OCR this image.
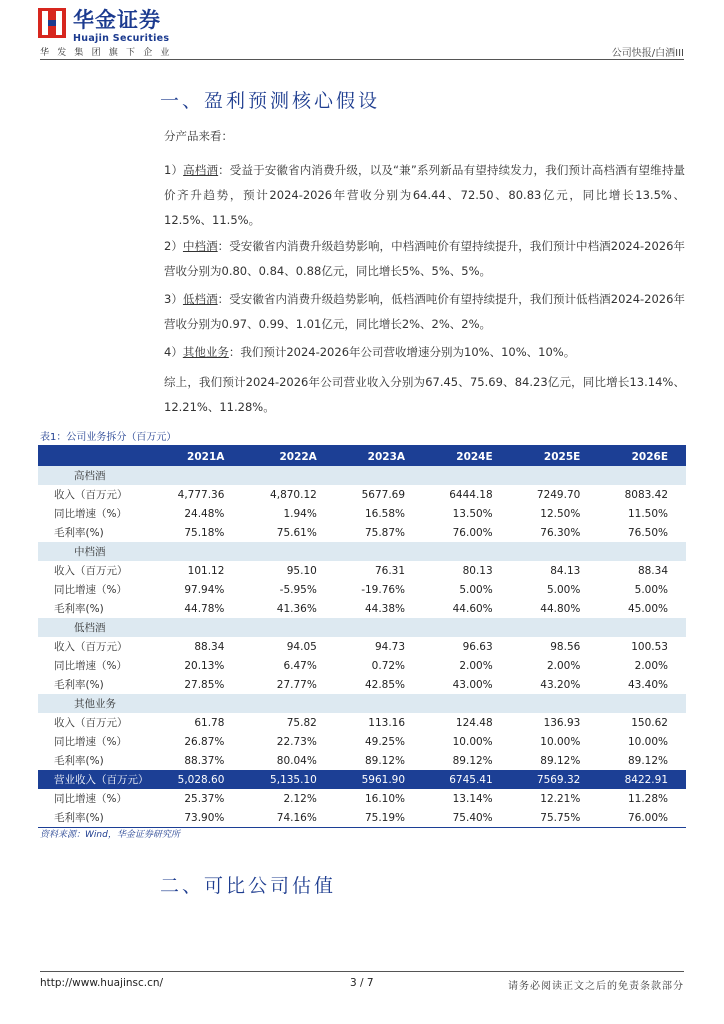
华金证券
Huajin Securities
华发集团旗下企业	公司快报/白酒III
一、盈利预测核心假设
分产品来看：
1）高档酒：受益于安徽省内消费升级，以及“兼”系列新品有望持续发力，我们预计高档酒有望维持量价齐升趋势，预计2024-2026年营收分别为64.44、72.50、80.83亿元，同比增长13.5%、12.5%、11.5%。
2）中档酒：受安徽省内消费升级趋势影响，中档酒吨价有望持续提升，我们预计中档酒2024-2026年营收分别为0.80、0.84、0.88亿元，同比增长5%、5%、5%。
3）低档酒：受安徽省内消费升级趋势影响，低档酒吨价有望持续提升，我们预计低档酒2024-2026年营收分别为0.97、0.99、1.01亿元，同比增长2%、2%、2%。
4）其他业务：我们预计2024-2026年公司营收增速分别为10%、10%、10%。
综上，我们预计2024-2026年公司营业收入分别为67.45、75.69、84.23亿元，同比增长13.14%、12.21%、11.28%。
表1：公司业务拆分（百万元）
	2021A	2022A	2023A	2024E	2025E	2026E
高档酒						
收入（百万元）	4,777.36	4,870.12	5677.69	6444.18	7249.70	8083.42
同比增速（%）	24.48%	1.94%	16.58%	13.50%	12.50%	11.50%
毛利率(%)	75.18%	75.61%	75.87%	76.00%	76.30%	76.50%
中档酒						
收入（百万元）	101.12	95.10	76.31	80.13	84.13	88.34
同比增速（%）	97.94%	-5.95%	-19.76%	5.00%	5.00%	5.00%
毛利率(%)	44.78%	41.36%	44.38%	44.60%	44.80%	45.00%
低档酒						
收入（百万元）	88.34	94.05	94.73	96.63	98.56	100.53
同比增速（%）	20.13%	6.47%	0.72%	2.00%	2.00%	2.00%
毛利率(%)	27.85%	27.77%	42.85%	43.00%	43.20%	43.40%
其他业务						
收入（百万元）	61.78	75.82	113.16	124.48	136.93	150.62
同比增速（%）	26.87%	22.73%	49.25%	10.00%	10.00%	10.00%
毛利率(%)	88.37%	80.04%	89.12%	89.12%	89.12%	89.12%
营业收入（百万元）	5,028.60	5,135.10	5961.90	6745.41	7569.32	8422.91
同比增速（%）	25.37%	2.12%	16.10%	13.14%	12.21%	11.28%
毛利率(%)	73.90%	74.16%	75.19%	75.40%	75.75%	76.00%
资料来源：Wind，华金证券研究所
二、可比公司估值
http://www.huajinsc.cn/	3 / 7	请务必阅读正文之后的免责条款部分
